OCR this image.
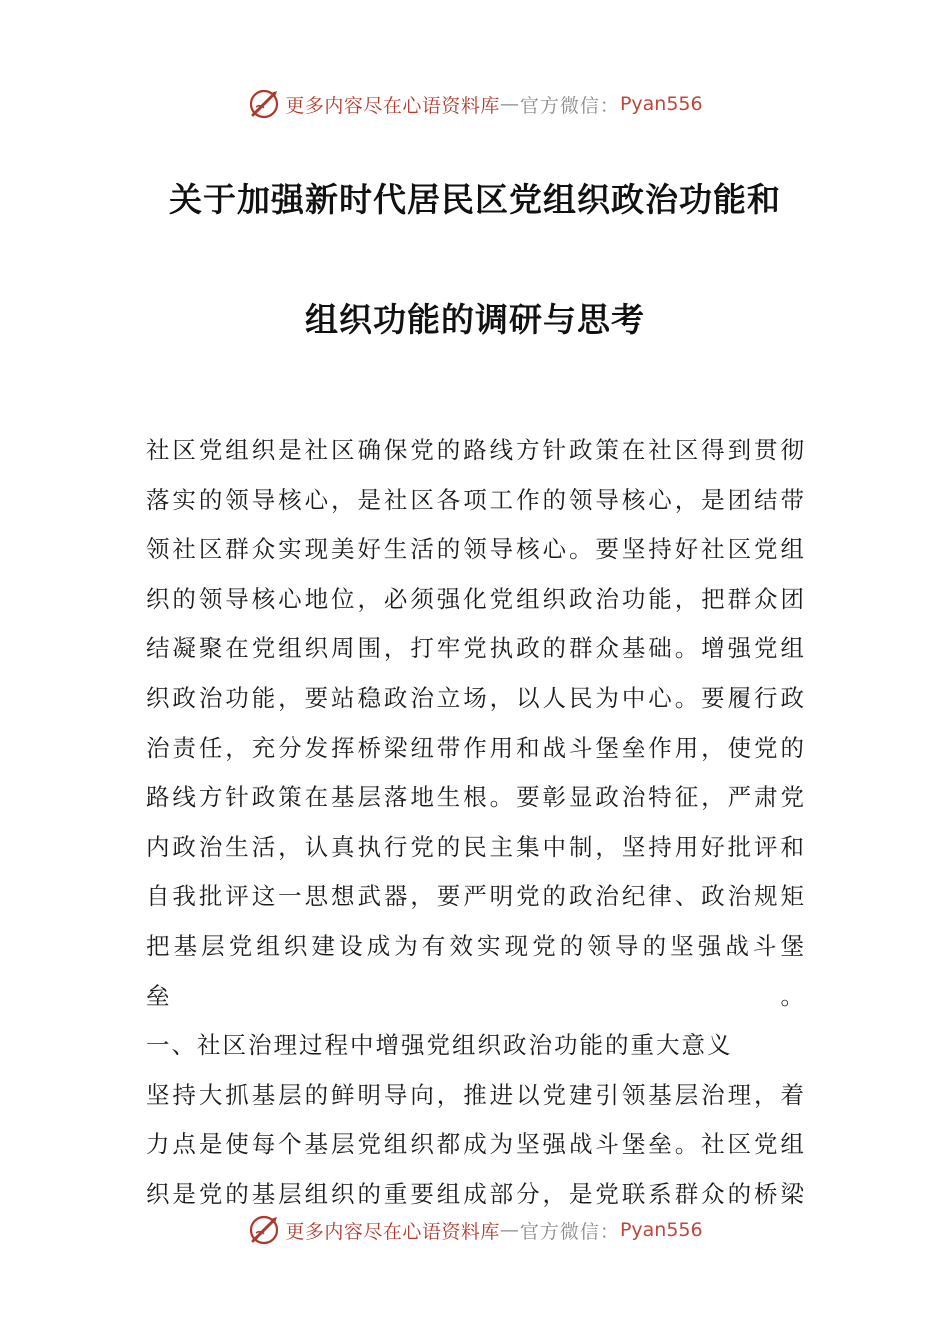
更多内容尽在心语资料库 — 官方微信： Pyan556
关于加强新时代居民区党组织政治功能和
组织功能的调研与思考

社区党组织是社区确保党的路线方针政策在社区得到贯彻

落实的领导核心，是社区各项工作的领导核心，是团结带

领社区群众实现美好生活的领导核心。要坚持好社区党组

织的领导核心地位，必须强化党组织政治功能，把群众团

结凝聚在党组织周围，打牢党执政的群众基础。增强党组

织政治功能，要站稳政治立场，以人民为中心。要履行政

治责任，充分发挥桥梁纽带作用和战斗堡垒作用，使党的

路线方针政策在基层落地生根。要彰显政治特征，严肃党

内政治生活，认真执行党的民主集中制，坚持用好批评和

自我批评这一思想武器，要严明党的政治纪律、政治规矩

把基层党组织建设成为有效实现党的领导的坚强战斗堡垒。

一、社区治理过程中增强党组织政治功能的重大意义

坚持大抓基层的鲜明导向，推进以党建引领基层治理，着

力点是使每个基层党组织都成为坚强战斗堡垒。社区党组

织是党的基层组织的重要组成部分，是党联系群众的桥梁

更多内容尽在心语资料库 — 官方微信： Pyan556
